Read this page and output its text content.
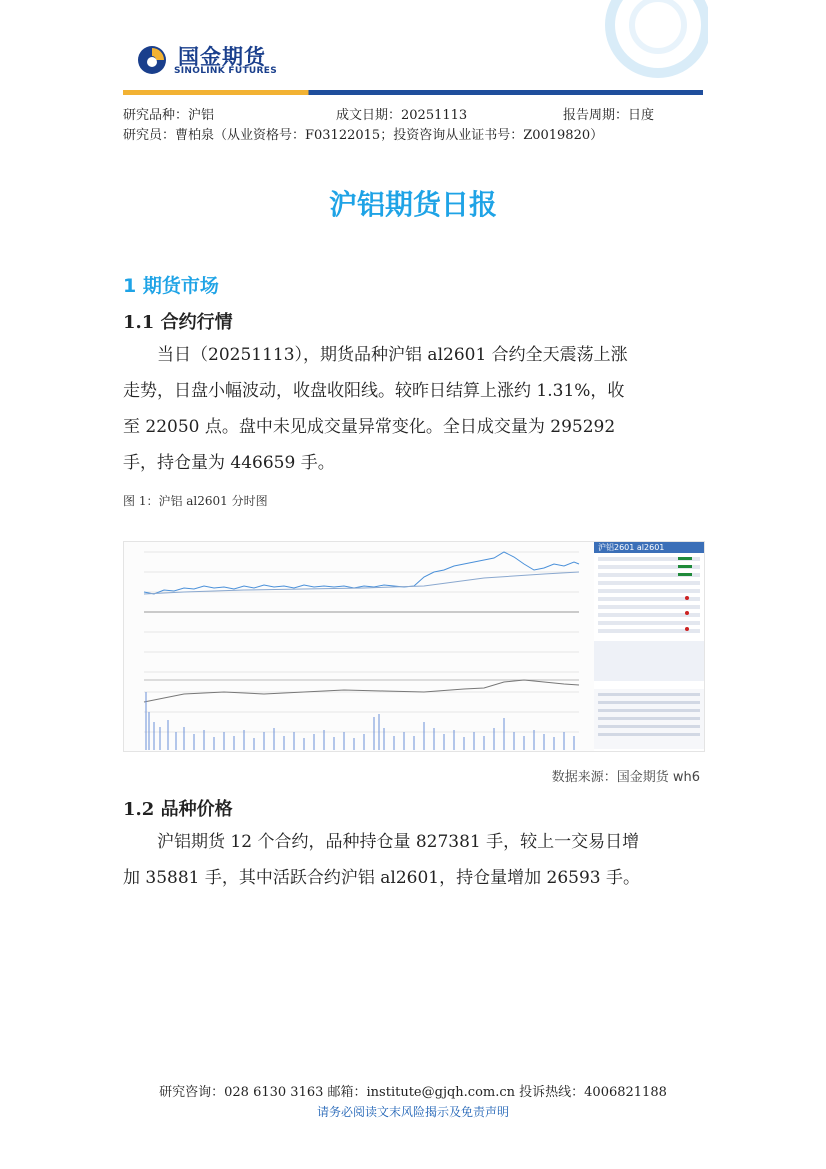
国金期货
SINOLINK FUTURES
研究品种：沪铝	成文日期：20251113	报告周期：日度
研究员：曹柏泉（从业资格号：F03122015；投资咨询从业证书号：Z0019820）
沪铝期货日报
1 期货市场
1.1 合约行情
当日（20251113），期货品种沪铝 al2601 合约全天震荡上涨
走势，日盘小幅波动，收盘收阳线。较昨日结算上涨约 1.31%，收
至 22050 点。盘中未见成交量异常变化。全日成交量为 295292
手，持仓量为 446659 手。
图 1：沪铝 al2601 分时图
沪铝2601 al2601
数据来源：国金期货 wh6
1.2 品种价格
沪铝期货 12 个合约，品种持仓量 827381 手，较上一交易日增
加 35881 手，其中活跃合约沪铝 al2601，持仓量增加 26593 手。
研究咨询：028 6130 3163 邮箱：institute@gjqh.com.cn 投诉热线：4006821188
请务必阅读文末风险揭示及免责声明
